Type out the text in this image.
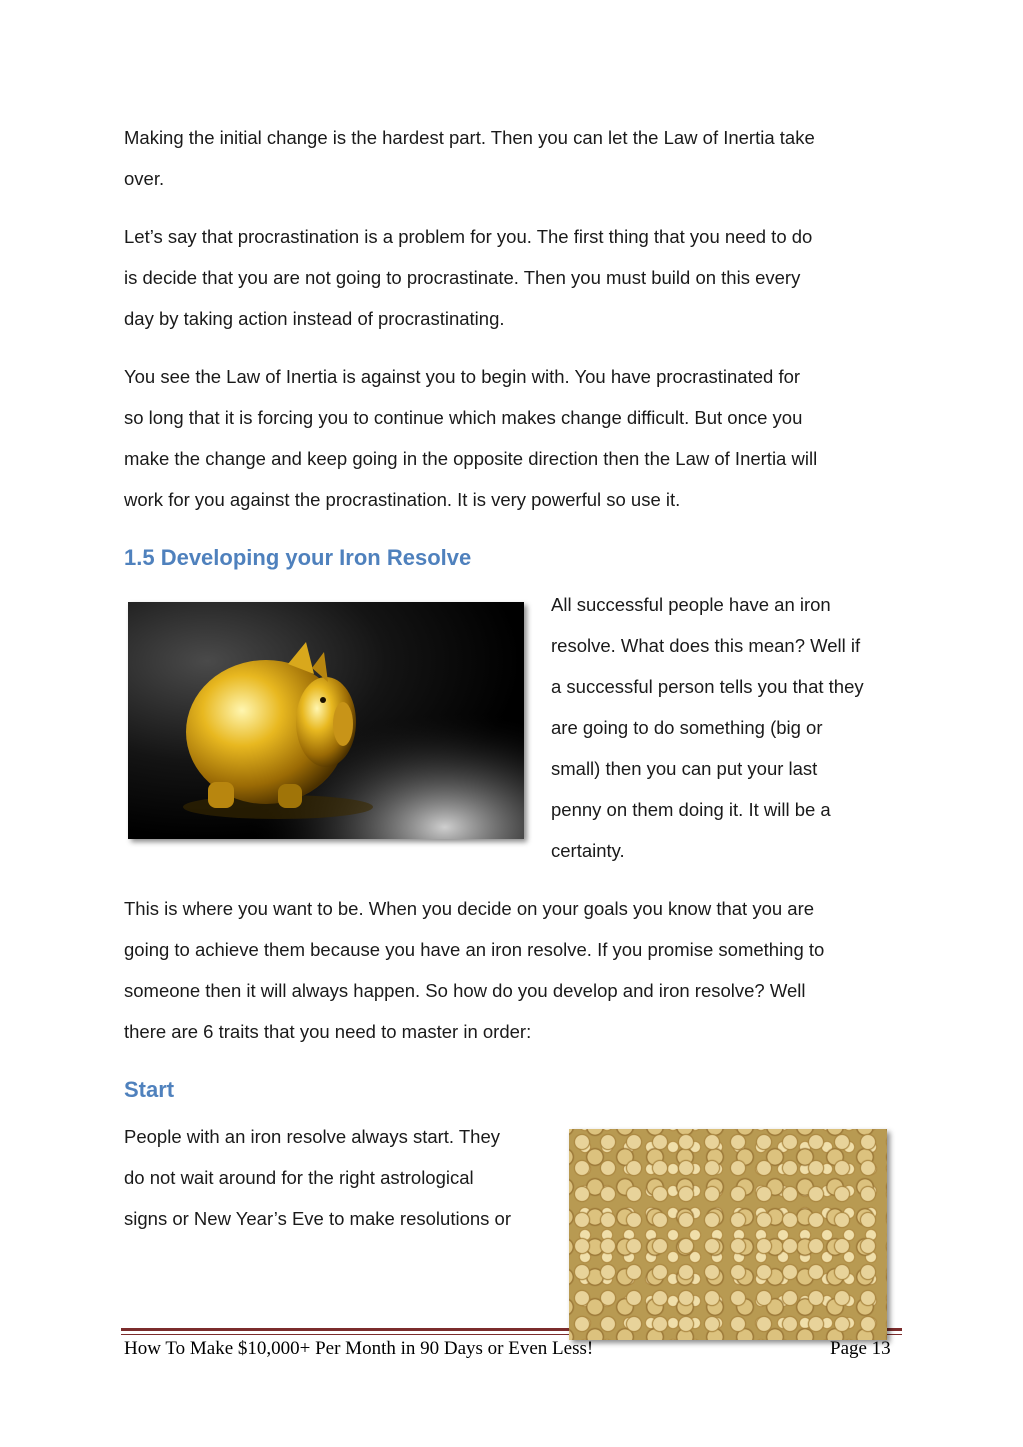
Making the initial change is the hardest part. Then you can let the Law of Inertia take

over.

Let’s say that procrastination is a problem for you. The first thing that you need to do

is decide that you are not going to procrastinate. Then you must build on this every

day by taking action instead of procrastinating.

You see the Law of Inertia is against you to begin with. You have procrastinated for

so long that it is forcing you to continue which makes change difficult. But once you

make the change and keep going in the opposite direction then the Law of Inertia will

work for you against the procrastination. It is very powerful so use it.

1.5 Developing your Iron Resolve

All successful people have an iron

resolve. What does this mean? Well if

a successful person tells you that they

are going to do something (big or

small) then you can put your last

penny on them doing it. It will be a

certainty.

This is where you want to be. When you decide on your goals you know that you are

going to achieve them because you have an iron resolve. If you promise something to

someone then it will always happen. So how do you develop and iron resolve? Well

there are 6 traits that you need to master in order:

Start

People with an iron resolve always start. They

do not wait around for the right astrological

signs or New Year’s Eve to make resolutions or

How To Make $10,000+ Per Month in 90 Days or Even Less!	Page 13
